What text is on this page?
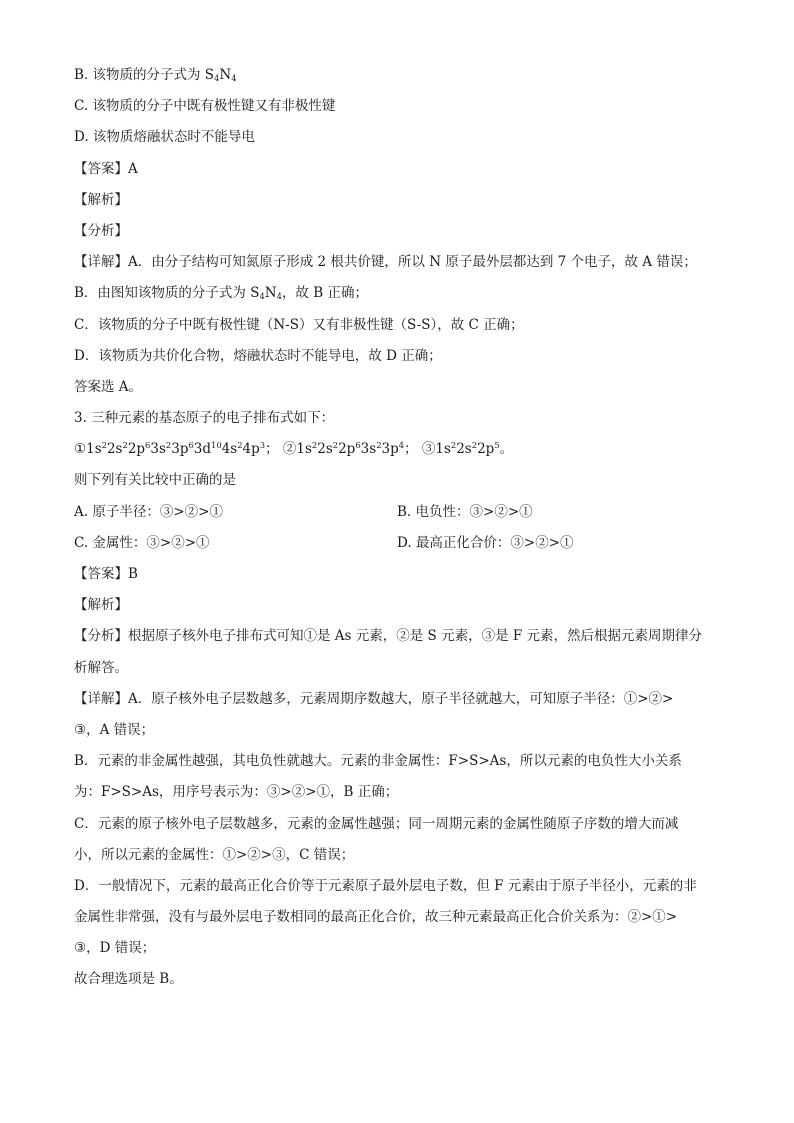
B. 该物质的分子式为 $S_4N_4$
C. 该物质的分子中既有极性键又有非极性键
D. 该物质熔融状态时不能导电
【答案】A
【解析】
【分析】
【详解】A．由分子结构可知氮原子形成 2 根共价键，所以 N 原子最外层都达到 7 个电子，故 A 错误；
B．由图知该物质的分子式为 $S_4N_4$，故 B 正确；
C．该物质的分子中既有极性键（N-S）又有非极性键（S-S），故 C 正确；
D．该物质为共价化合物，熔融状态时不能导电，故 D 正确；
答案选 A。
3. 三种元素的基态原子的电子排布式如下：
$①1s^22s^22p^63s^23p^63d^{10}4s^24p^3$； $②1s^22s^22p^63s^23p^4$； $③1s^22s^22p^5$。
则下列有关比较中正确的是
A. 原子半径：③>②>①	B. 电负性：③>②>①
C. 金属性：③>②>①	D. 最高正化合价：③>②>①
【答案】B
【解析】
【分析】根据原子核外电子排布式可知①是 As 元素，②是 S 元素，③是 F 元素，然后根据元素周期律分
析解答。
【详解】A．原子核外电子层数越多，元素周期序数越大，原子半径就越大，可知原子半径：①>②>
③，A 错误；
B．元素的非金属性越强，其电负性就越大。元素的非金属性：F>S>As，所以元素的电负性大小关系
为：F>S>As，用序号表示为：③>②>①，B 正确；
C．元素的原子核外电子层数越多，元素的金属性越强；同一周期元素的金属性随原子序数的增大而减
小，所以元素的金属性：①>②>③，C 错误；
D．一般情况下，元素的最高正化合价等于元素原子最外层电子数，但 F 元素由于原子半径小，元素的非
金属性非常强，没有与最外层电子数相同的最高正化合价，故三种元素最高正化合价关系为：②>①>
③，D 错误；
故合理选项是 B。
